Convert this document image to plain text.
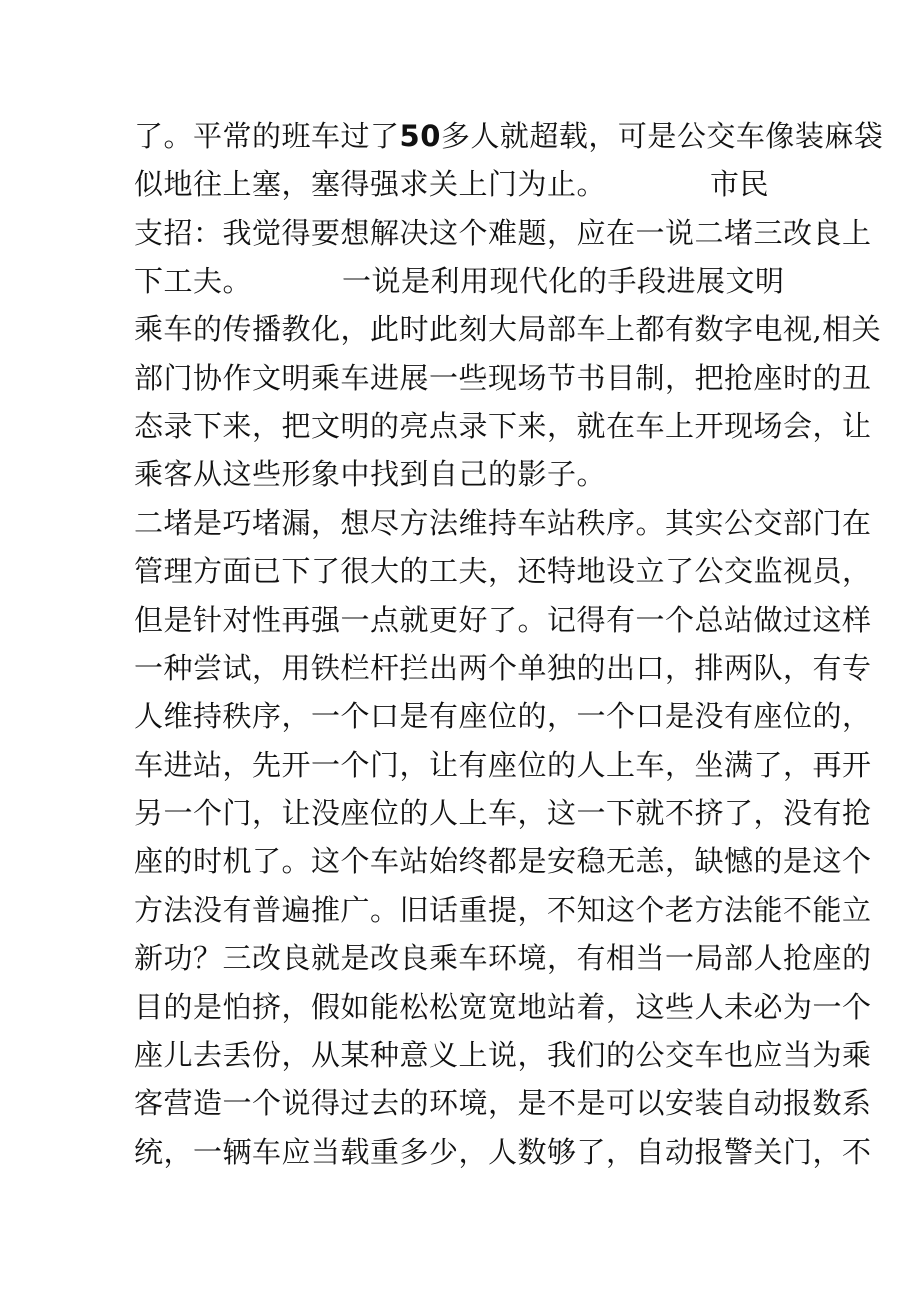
了。平常的班车过了50多人就超载，可是公交车像装麻袋
似地往上塞，塞得强求关上门为止。	市民
支招：我觉得要想解决这个难题，应在一说二堵三改良上
下工夫。	一说是利用现代化的手段进展文明
乘车的传播教化，此时此刻大局部车上都有数字电视,相关
部门协作文明乘车进展一些现场节书目制，把抢座时的丑
态录下来，把文明的亮点录下来，就在车上开现场会，让
乘客从这些形象中找到自己的影子。
二堵是巧堵漏，想尽方法维持车站秩序。其实公交部门在
管理方面已下了很大的工夫，还特地设立了公交监视员，
但是针对性再强一点就更好了。记得有一个总站做过这样
一种尝试，用铁栏杆拦出两个单独的出口，排两队，有专
人维持秩序，一个口是有座位的，一个口是没有座位的，
车进站，先开一个门，让有座位的人上车，坐满了，再开
另一个门，让没座位的人上车，这一下就不挤了，没有抢
座的时机了。这个车站始终都是安稳无恙，缺憾的是这个
方法没有普遍推广。旧话重提，不知这个老方法能不能立
新功？三改良就是改良乘车环境，有相当一局部人抢座的
目的是怕挤，假如能松松宽宽地站着，这些人未必为一个
座儿去丢份，从某种意义上说，我们的公交车也应当为乘
客营造一个说得过去的环境，是不是可以安装自动报数系
统，一辆车应当载重多少，人数够了，自动报警关门，不
